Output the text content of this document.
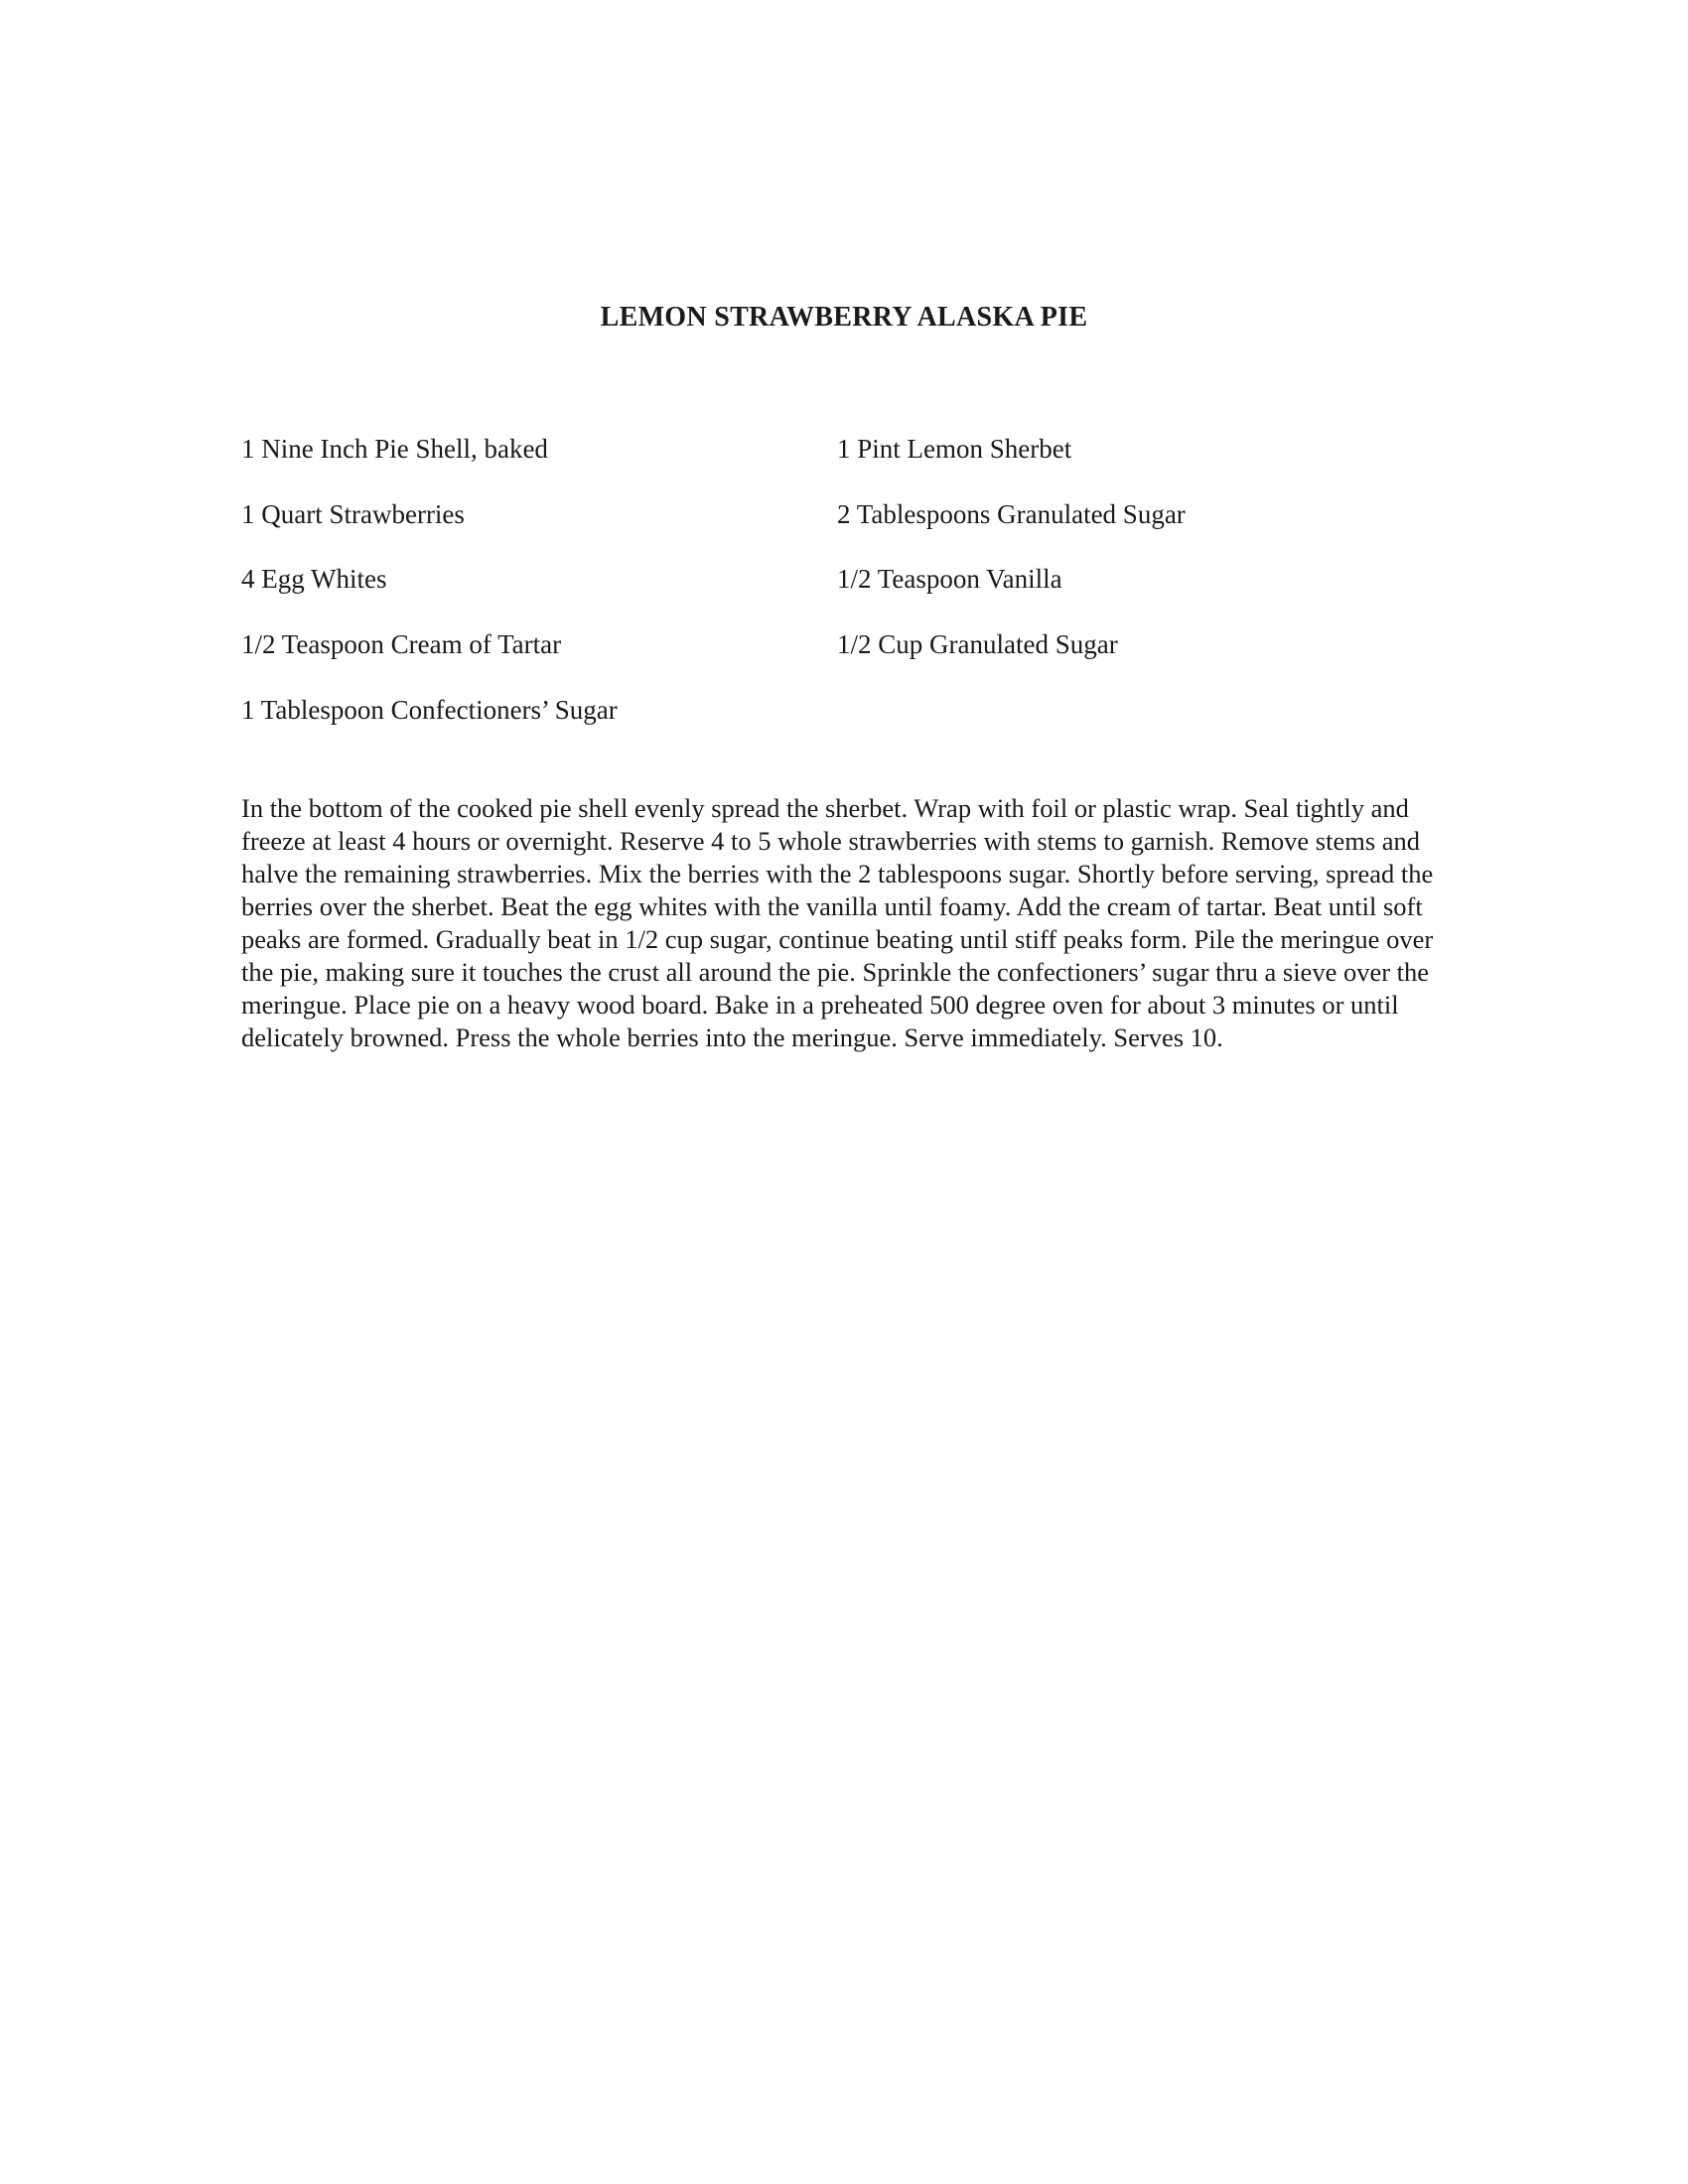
LEMON STRAWBERRY ALASKA PIE
1 Nine Inch Pie Shell, baked	1 Pint Lemon Sherbet
1 Quart Strawberries	2 Tablespoons Granulated Sugar
4 Egg Whites	1/2 Teaspoon Vanilla
1/2 Teaspoon Cream of Tartar	1/2 Cup Granulated Sugar
1 Tablespoon Confectioners’ Sugar

In the bottom of the cooked pie shell evenly spread the sherbet. Wrap with foil or plastic wrap. Seal tightly and freeze at least 4 hours or overnight. Reserve 4 to 5 whole strawberries with stems to garnish. Remove stems and halve the remaining strawberries. Mix the berries with the 2 tablespoons sugar. Shortly before serving, spread the berries over the sherbet. Beat the egg whites with the vanilla until foamy. Add the cream of tartar. Beat until soft peaks are formed. Gradually beat in 1/2 cup sugar, continue beating until stiff peaks form. Pile the meringue over the pie, making sure it touches the crust all around the pie. Sprinkle the confectioners’ sugar thru a sieve over the meringue. Place pie on a heavy wood board. Bake in a preheated 500 degree oven for about 3 minutes or until delicately browned. Press the whole berries into the meringue. Serve immediately. Serves 10.
